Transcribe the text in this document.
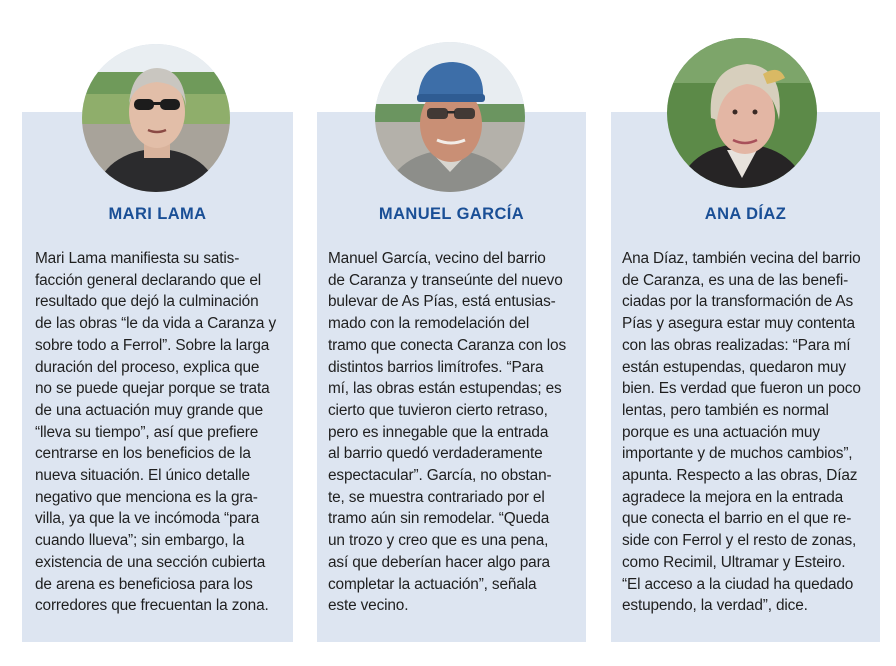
MARI LAMA	MANUEL GARCÍA	ANA DÍAZ
Mari Lama manifiesta su satis-
facción general declarando que el
resultado que dejó la culminación
de las obras “le da vida a Caranza y
sobre todo a Ferrol”. Sobre la larga
duración del proceso, explica que
no se puede quejar porque se trata
de una actuación muy grande que
“lleva su tiempo”, así que prefiere
centrarse en los beneficios de la
nueva situación. El único detalle
negativo que menciona es la gra-
villa, ya que la ve incómoda “para
cuando llueva”; sin embargo, la
existencia de una sección cubierta
de arena es beneficiosa para los
corredores que frecuentan la zona.
Manuel García, vecino del barrio
de Caranza y transeúnte del nuevo
bulevar de As Pías, está entusias-
mado con la remodelación del
tramo que conecta Caranza con los
distintos barrios limítrofes. “Para
mí, las obras están estupendas; es
cierto que tuvieron cierto retraso,
pero es innegable que la entrada
al barrio quedó verdaderamente
espectacular”. García, no obstan-
te, se muestra contrariado por el
tramo aún sin remodelar. “Queda
un trozo y creo que es una pena,
así que deberían hacer algo para
completar la actuación”, señala
este vecino.
Ana Díaz, también vecina del barrio
de Caranza, es una de las benefi-
ciadas por la transformación de As
Pías y asegura estar muy contenta
con las obras realizadas: “Para mí
están estupendas, quedaron muy
bien. Es verdad que fueron un poco
lentas, pero también es normal
porque es una actuación muy
importante y de muchos cambios”,
apunta. Respecto a las obras, Díaz
agradece la mejora en la entrada
que conecta el barrio en el que re-
side con Ferrol y el resto de zonas,
como Recimil, Ultramar y Esteiro.
“El acceso a la ciudad ha quedado
estupendo, la verdad”, dice.
